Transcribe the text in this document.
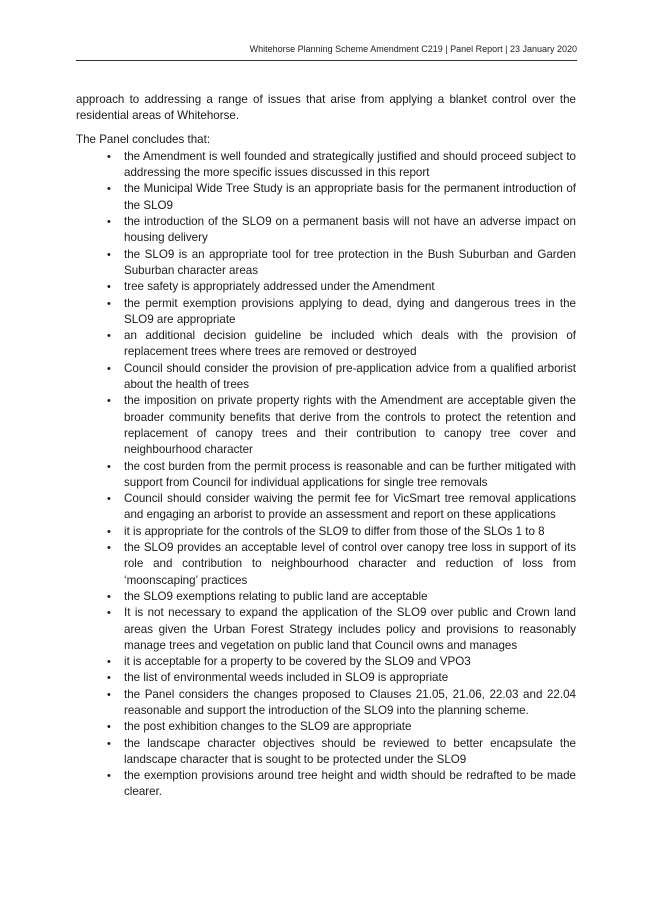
Whitehorse Planning Scheme Amendment C219 | Panel Report | 23 January 2020

approach to addressing a range of issues that arise from applying a blanket control over the residential areas of Whitehorse.

The Panel concludes that:

• the Amendment is well founded and strategically justified and should proceed subject to addressing the more specific issues discussed in this report
• the Municipal Wide Tree Study is an appropriate basis for the permanent introduction of the SLO9
• the introduction of the SLO9 on a permanent basis will not have an adverse impact on housing delivery
• the SLO9 is an appropriate tool for tree protection in the Bush Suburban and Garden Suburban character areas
• tree safety is appropriately addressed under the Amendment
• the permit exemption provisions applying to dead, dying and dangerous trees in the SLO9 are appropriate
• an additional decision guideline be included which deals with the provision of replacement trees where trees are removed or destroyed
• Council should consider the provision of pre-application advice from a qualified arborist about the health of trees
• the imposition on private property rights with the Amendment are acceptable given the broader community benefits that derive from the controls to protect the retention and replacement of canopy trees and their contribution to canopy tree cover and neighbourhood character
• the cost burden from the permit process is reasonable and can be further mitigated with support from Council for individual applications for single tree removals
• Council should consider waiving the permit fee for VicSmart tree removal applications and engaging an arborist to provide an assessment and report on these applications
• it is appropriate for the controls of the SLO9 to differ from those of the SLOs 1 to 8
• the SLO9 provides an acceptable level of control over canopy tree loss in support of its role and contribution to neighbourhood character and reduction of loss from ‘moonscaping’ practices
• the SLO9 exemptions relating to public land are acceptable
• It is not necessary to expand the application of the SLO9 over public and Crown land areas given the Urban Forest Strategy includes policy and provisions to reasonably manage trees and vegetation on public land that Council owns and manages
• it is acceptable for a property to be covered by the SLO9 and VPO3
• the list of environmental weeds included in SLO9 is appropriate
• the Panel considers the changes proposed to Clauses 21.05, 21.06, 22.03 and 22.04 reasonable and support the introduction of the SLO9 into the planning scheme.
• the post exhibition changes to the SLO9 are appropriate
• the landscape character objectives should be reviewed to better encapsulate the landscape character that is sought to be protected under the SLO9
• the exemption provisions around tree height and width should be redrafted to be made clearer.
